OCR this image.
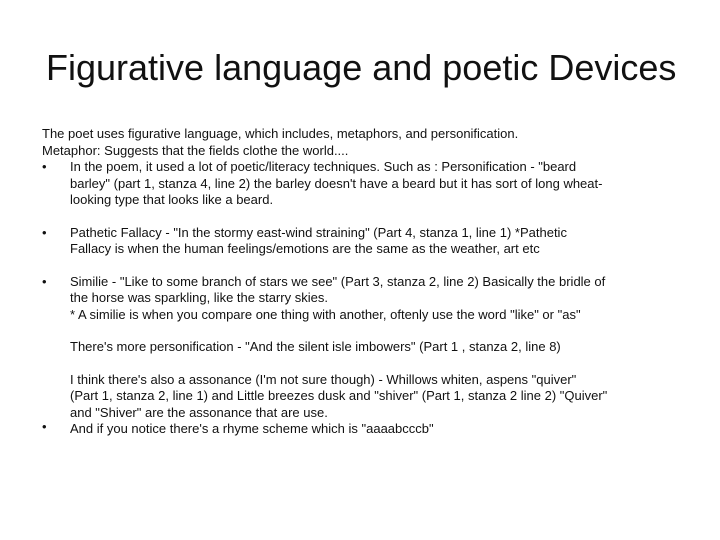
Figurative language and poetic Devices

The poet uses figurative language, which includes, metaphors, and personification.

Metaphor: Suggests that the fields clothe the world....

•	In the poem, it used a lot of poetic/literacy techniques. Such as : Personification - "beard
barley" (part 1, stanza 4, line 2) the barley doesn't have a beard but it has sort of long wheat-
looking type that looks like a beard.
•	Pathetic Fallacy - "In the stormy east-wind straining" (Part 4, stanza 1, line 1) *Pathetic
Fallacy is when the human feelings/emotions are the same as the weather, art etc
•	Similie - "Like to some branch of stars we see" (Part 3, stanza 2, line 2) Basically the bridle of
the horse was sparkling, like the starry skies.
* A similie is when you compare one thing with another, oftenly use the word "like" or "as"

There's more personification - "And the silent isle imbowers" (Part 1 , stanza 2, line 8)

•
I think there's also a assonance (I'm not sure though) - Whillows whiten, aspens "quiver"
(Part 1, stanza 2, line 1) and Little breezes dusk and "shiver" (Part 1, stanza 2 line 2) "Quiver"
and "Shiver" are the assonance that are use.
And if you notice there's a rhyme scheme which is "aaaabcccb"
